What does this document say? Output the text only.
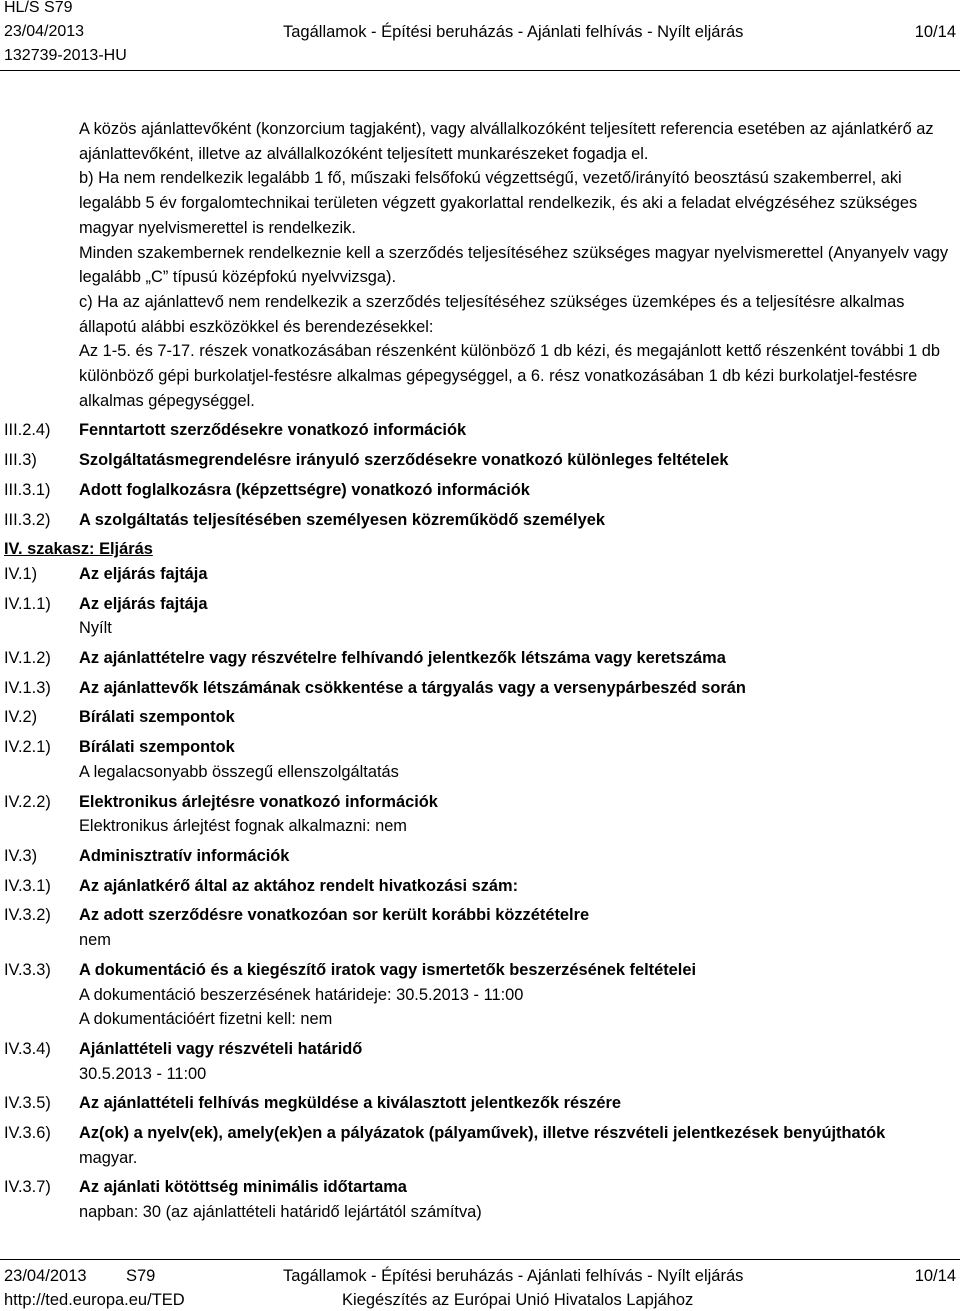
HL/S S79
23/04/2013
132739-2013-HU
Tagállamok - Építési beruházás - Ajánlati felhívás - Nyílt eljárás	10/14
A közös ajánlattevőként (konzorcium tagjaként), vagy alvállalkozóként teljesített referencia esetében az ajánlatkérő az ajánlattevőként, illetve az alvállalkozóként teljesített munkarészeket fogadja el.
b) Ha nem rendelkezik legalább 1 fő, műszaki felsőfokú végzettségű, vezető/irányító beosztású szakemberrel, aki legalább 5 év forgalomtechnikai területen végzett gyakorlattal rendelkezik, és aki a feladat elvégzéséhez szükséges magyar nyelvismerettel is rendelkezik.
Minden szakembernek rendelkeznie kell a szerződés teljesítéséhez szükséges magyar nyelvismerettel (Anyanyelv vagy legalább „C” típusú középfokú nyelvvizsga).
c) Ha az ajánlattevő nem rendelkezik a szerződés teljesítéséhez szükséges üzemképes és a teljesítésre alkalmas állapotú alábbi eszközökkel és berendezésekkel:
Az 1-5. és 7-17. részek vonatkozásában részenként különböző 1 db kézi, és megajánlott kettő részenként további 1 db különböző gépi burkolatjel-festésre alkalmas gépegységgel, a 6. rész vonatkozásában 1 db kézi burkolatjel-festésre alkalmas gépegységgel.
III.2.4) Fenntartott szerződésekre vonatkozó információk
III.3)	Szolgáltatásmegrendelésre irányuló szerződésekre vonatkozó különleges feltételek
III.3.1) Adott foglalkozásra (képzettségre) vonatkozó információk
III.3.2) A szolgáltatás teljesítésében személyesen közreműködő személyek
IV. szakasz: Eljárás
IV.1)	Az eljárás fajtája
IV.1.1) Az eljárás fajtája
Nyílt
IV.1.2) Az ajánlattételre vagy részvételre felhívandó jelentkezők létszáma vagy keretszáma
IV.1.3) Az ajánlattevők létszámának csökkentése a tárgyalás vagy a versenypárbeszéd során
IV.2)	Bírálati szempontok
IV.2.1) Bírálati szempontok
A legalacsonyabb összegű ellenszolgáltatás
IV.2.2) Elektronikus árlejtésre vonatkozó információk
Elektronikus árlejtést fognak alkalmazni: nem
IV.3)	Adminisztratív információk
IV.3.1) Az ajánlatkérő által az aktához rendelt hivatkozási szám:
IV.3.2) Az adott szerződésre vonatkozóan sor került korábbi közzétételre
nem
IV.3.3) A dokumentáció és a kiegészítő iratok vagy ismertetők beszerzésének feltételei
A dokumentáció beszerzésének határideje: 30.5.2013 - 11:00
A dokumentációért fizetni kell: nem
IV.3.4) Ajánlattételi vagy részvételi határidő
30.5.2013 - 11:00
IV.3.5) Az ajánlattételi felhívás megküldése a kiválasztott jelentkezők részére
IV.3.6) Az(ok) a nyelv(ek), amely(ek)en a pályázatok (pályaművek), illetve részvételi jelentkezések benyújthatók
magyar.
IV.3.7) Az ajánlati kötöttség minimális időtartama
napban: 30 (az ajánlattételi határidő lejártától számítva)
23/04/2013 S79
http://ted.europa.eu/TED
Tagállamok - Építési beruházás - Ajánlati felhívás - Nyílt eljárás
Kiegészítés az Európai Unió Hivatalos Lapjához
10/14
